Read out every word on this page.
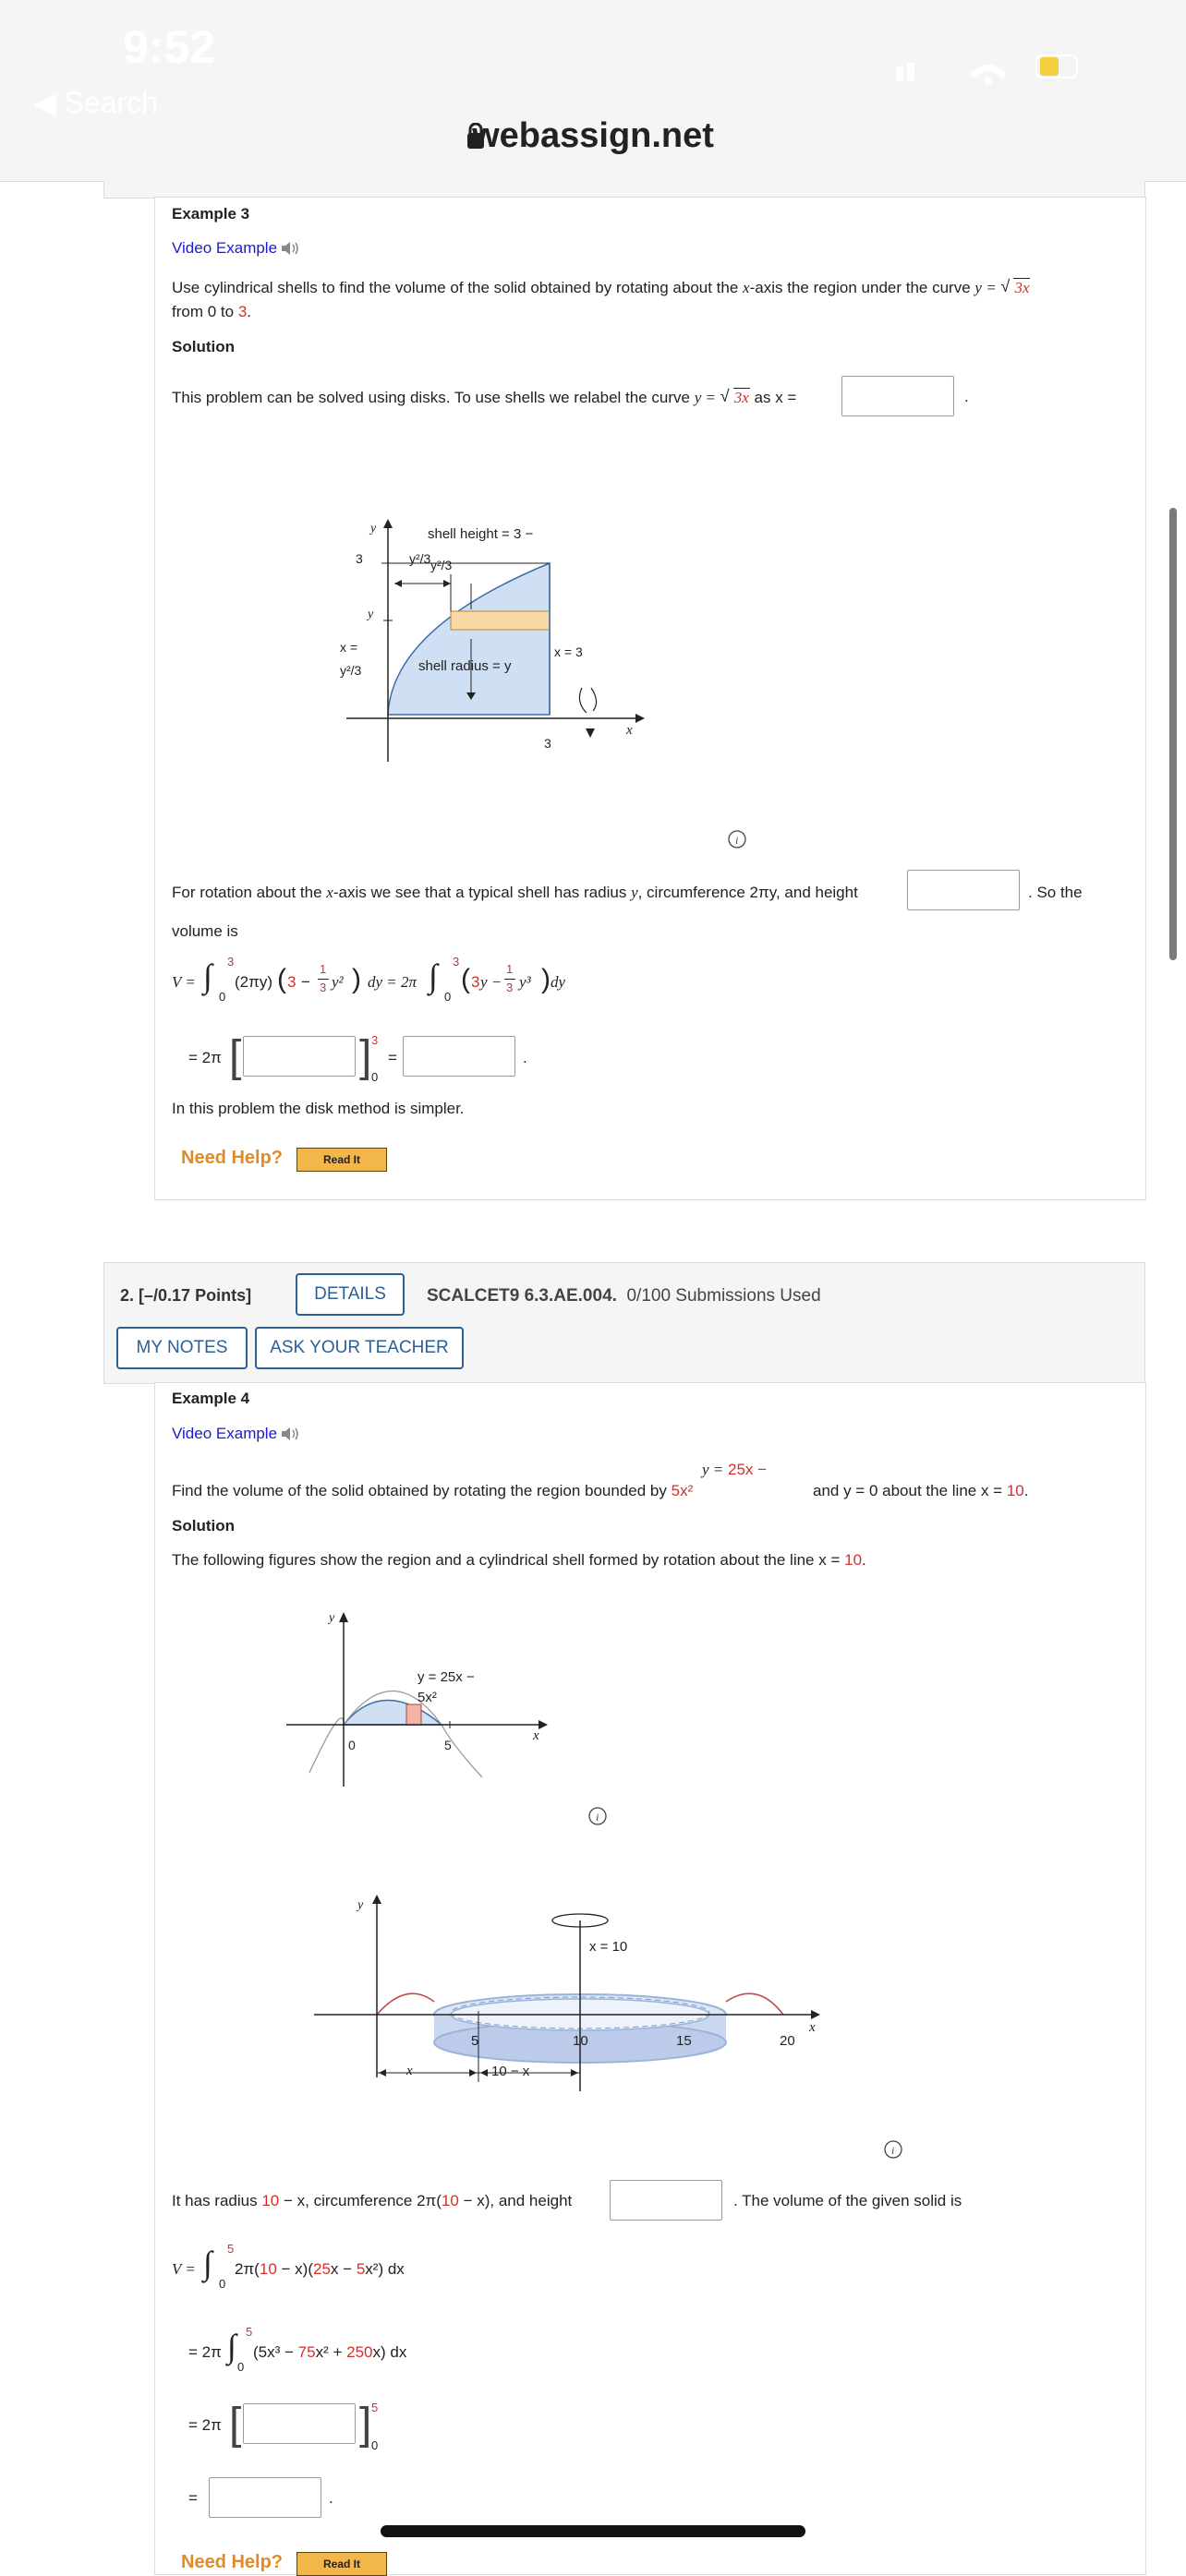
9:52
◀ Search
webassign.net
Example 3
Video Example
Use cylindrical shells to find the volume of the solid obtained by rotating about the x-axis the region under the curve y = √ 3x
from 0 to 3.
Solution
This problem can be solved using disks. To use shells we relabel the curve y = √ 3x as x =	.
y
3
shell height = 3 −
y²/3 y²/3
y
x =
y²/3	shell radius = y
x = 3
3
x
i
For rotation about the x-axis we see that a typical shell has radius y, circumference 2πy, and height	. So the
volume is
V = ∫ 3
0
(2πy) ( 3 −
1
3 y² ) dy = 2π ∫ 3
0
( 3 y −
1
3 y³ ) dy
= 2π [	] 3
0
=	.
In this problem the disk method is simpler.
Need Help?	Read It
2. [–/0.17 Points]	DETAILS	SCALCET9 6.3.AE.004. 0/100 Submissions Used
MY NOTES	ASK YOUR TEACHER
Example 4
Video Example
y = 25x −
Find the volume of the solid obtained by rotating the region bounded by 5x²	and y = 0 about the line x = 10.
Solution
The following figures show the region and a cylindrical shell formed by rotation about the line x = 10.
y
y = 25x −
5x²
0	5
x
i
y
x = 10
5	10	15	20
x
x	10 − x
i
It has radius 10 − x, circumference 2π(10 − x), and height	. The volume of the given solid is
V = ∫ 5
0
2π(10 − x)(25x − 5x²) dx
= 2π ∫ 5
0
(5x³ − 75x² + 250x) dx
= 2π [	] 5
0
=	.
Need Help?	Read It
